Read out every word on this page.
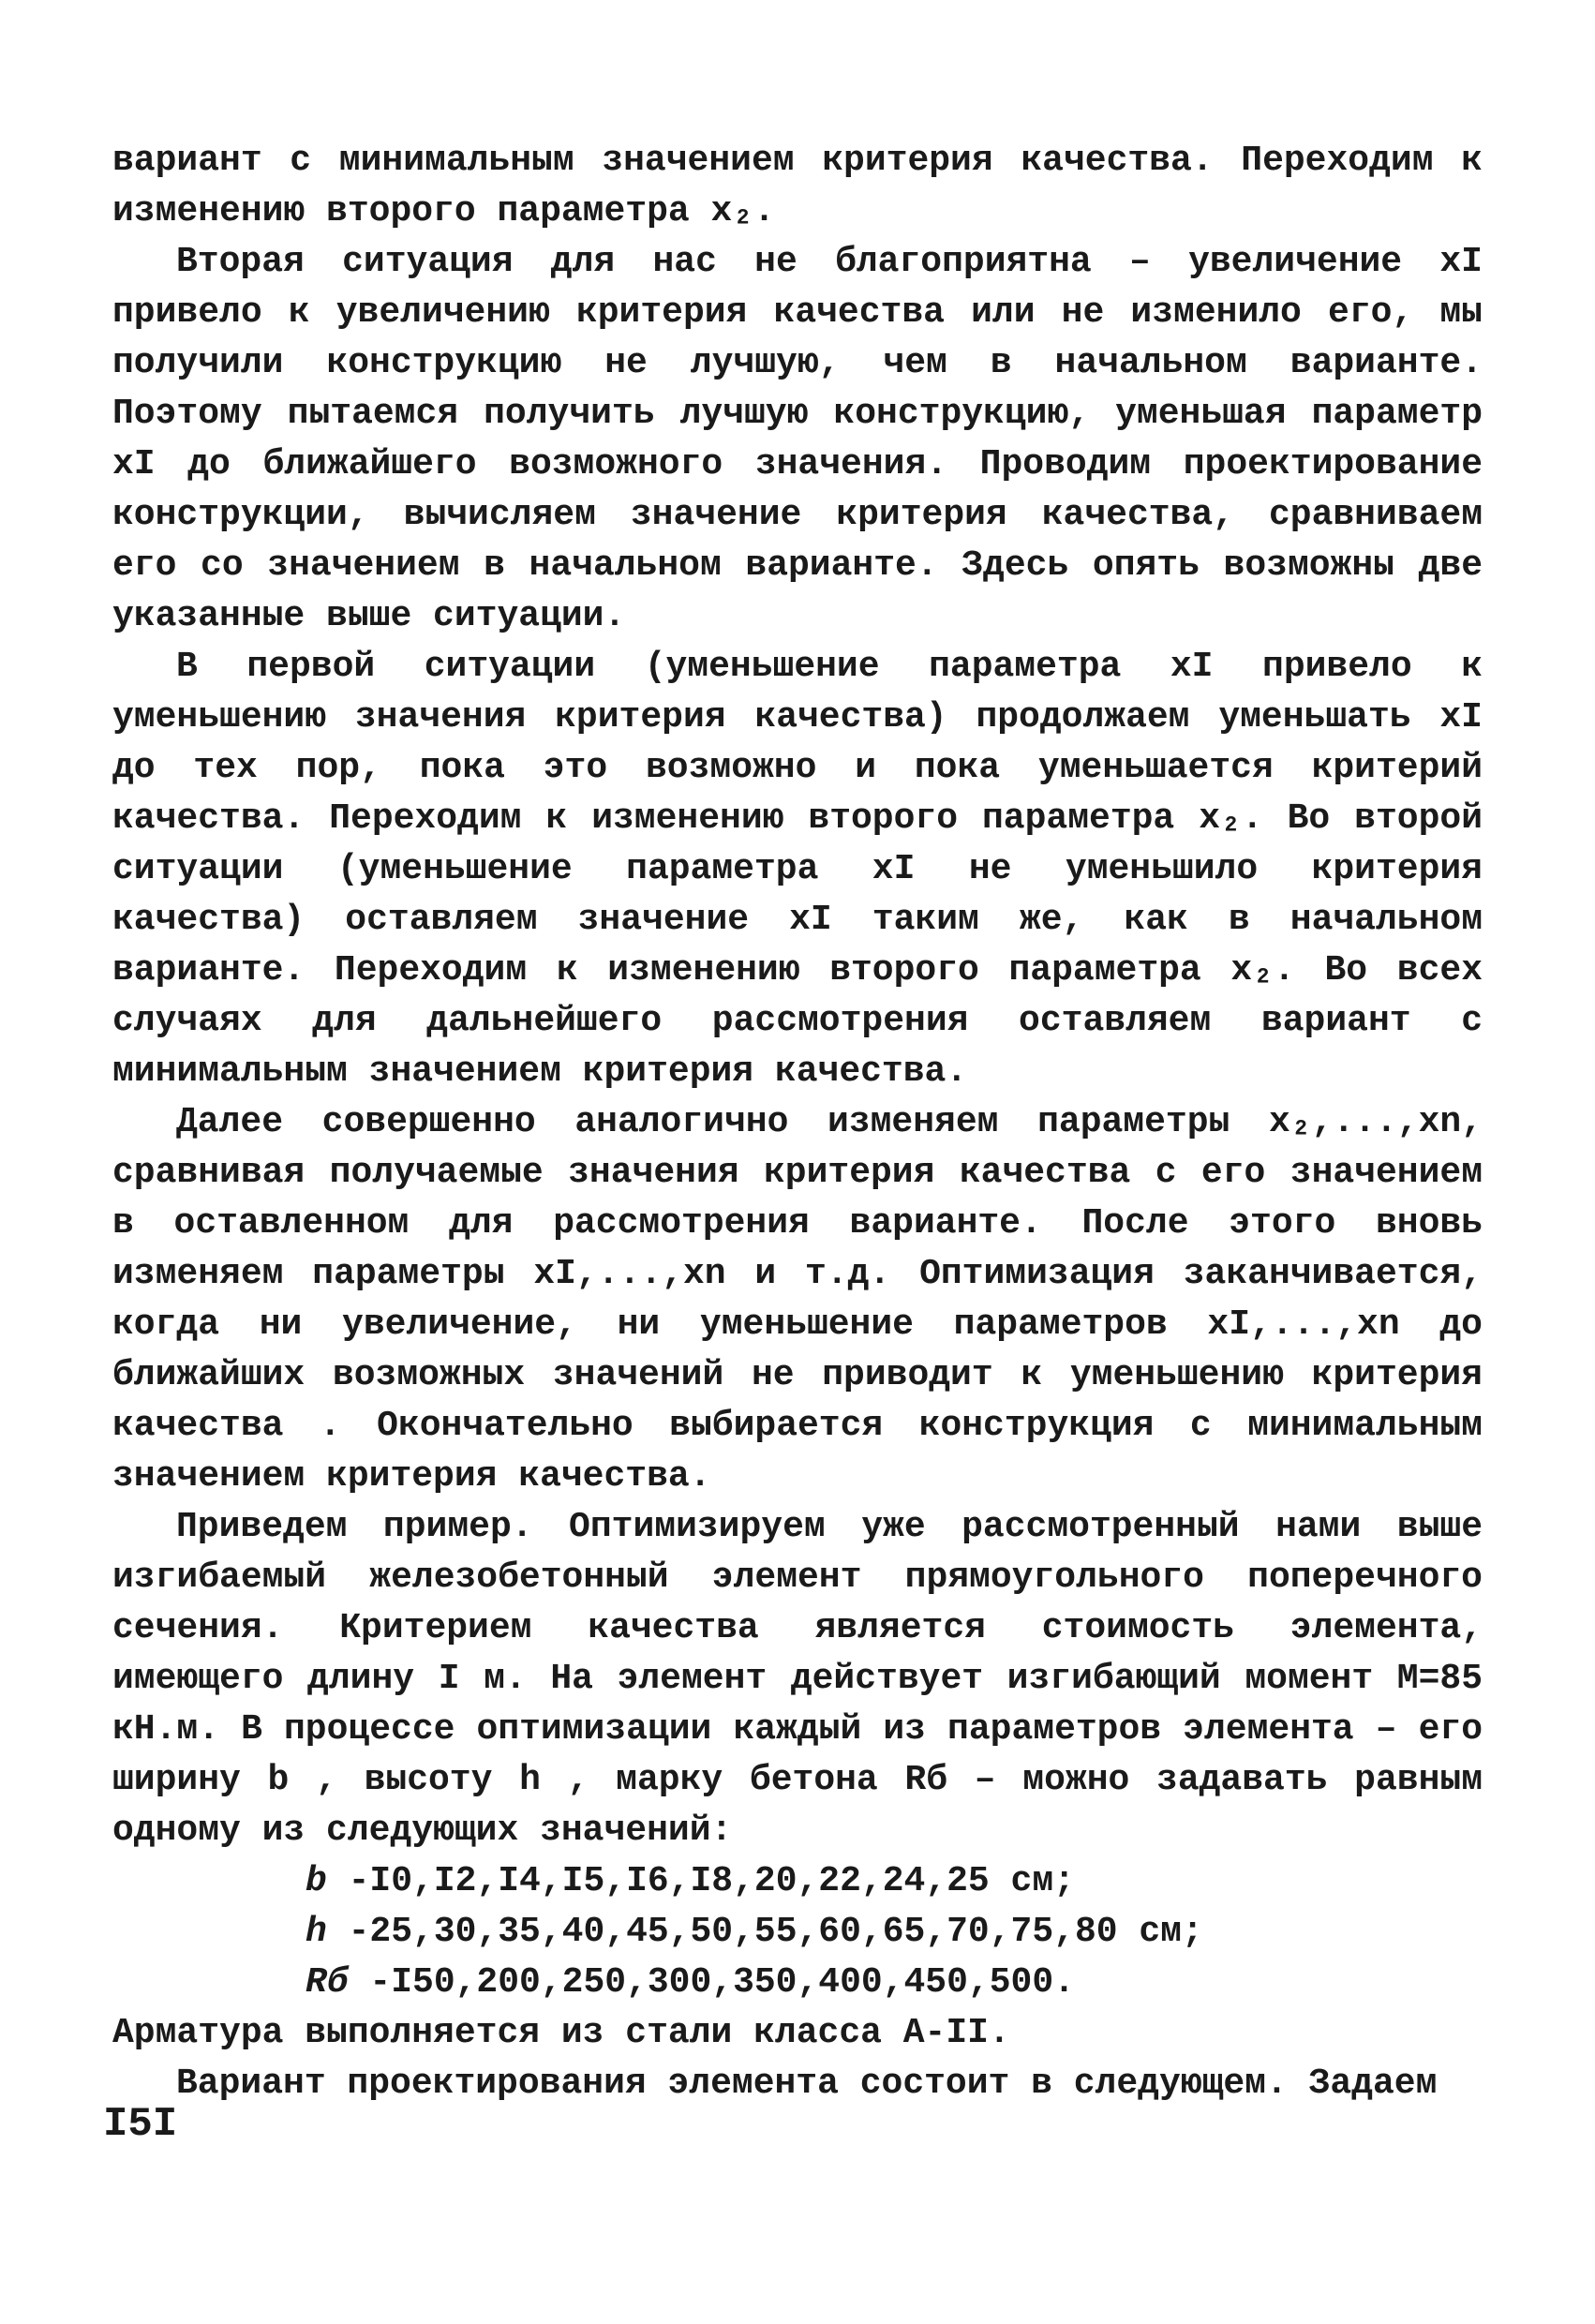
вариант с минимальным значением критерия качества. Переходим к изменению второго параметра x₂.

Вторая ситуация для нас не благоприятна – увеличение xI привело к увеличению критерия качества или не изменило его, мы получили конструкцию не лучшую, чем в начальном варианте. Поэтому пытаемся получить лучшую конструкцию, уменьшая параметр xI до ближайшего возможного значения. Проводим проектирование конструкции, вычисляем значение критерия качества, сравниваем его со значением в начальном варианте. Здесь опять возможны две указанные выше ситуации.

В первой ситуации (уменьшение параметра xI привело к уменьшению значения критерия качества) продолжаем уменьшать xI до тех пор, пока это возможно и пока уменьшается критерий качества. Переходим к изменению второго параметра x₂. Во второй ситуации (уменьшение параметра xI не уменьшило критерия качества) оставляем значение xI таким же, как в начальном варианте. Переходим к изменению второго параметра x₂. Во всех случаях для дальнейшего рассмотрения оставляем вариант с минимальным значением критерия качества.

Далее совершенно аналогично изменяем параметры x₂,...,xn, сравнивая получаемые значения критерия качества с его значением в оставленном для рассмотрения варианте. После этого вновь изменяем параметры xI,...,xn и т.д. Оптимизация заканчивается, когда ни увеличение, ни уменьшение параметров xI,...,xn до ближайших возможных значений не приводит к уменьшению критерия качества . Окончательно выбирается конструкция с минимальным значением критерия качества.

Приведем пример. Оптимизируем уже рассмотренный нами выше изгибаемый железобетонный элемент прямоугольного поперечного сечения. Критерием качества является стоимость элемента, имеющего длину I м. На элемент действует изгибающий момент M=85 кН.м. В процессе оптимизации каждый из параметров элемента – его ширину b , высоту h , марку бетона Rб – можно задавать равным одному из следующих значений:

b -I0,I2,I4,I5,I6,I8,20,22,24,25 см;
h -25,30,35,40,45,50,55,60,65,70,75,80 см;
Rб -I50,200,250,300,350,400,450,500.

Арматура выполняется из стали класса А-II.

Вариант проектирования элемента состоит в следующем. Задаем

I5I
